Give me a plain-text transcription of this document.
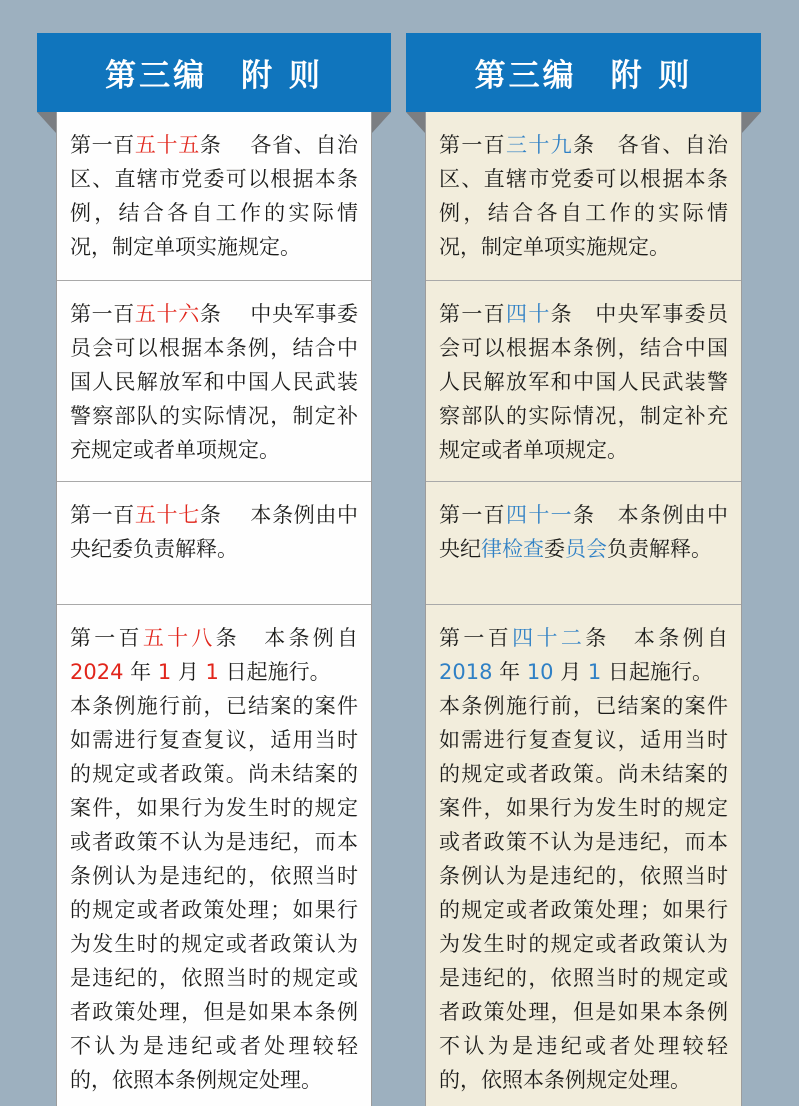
第三编　附 则

第一百五十五条　 各省、自治区、直辖市党委可以根据本条例，结合各自工作的实际情况，制定单项实施规定。

第一百五十六条　 中央军事委员会可以根据本条例，结合中国人民解放军和中国人民武装警察部队的实际情况，制定补充规定或者单项规定。

第一百五十七条　 本条例由中央纪委负责解释。

第一百五十八条　本条例自 2024 年 1 月 1 日起施行。
本条例施行前，已结案的案件如需进行复查复议，适用当时的规定或者政策。尚未结案的案件，如果行为发生时的规定或者政策不认为是违纪，而本条例认为是违纪的，依照当时的规定或者政策处理；如果行为发生时的规定或者政策认为是违纪的，依照当时的规定或者政策处理，但是如果本条例不认为是违纪或者处理较轻的，依照本条例规定处理。

第三编　附 则

第一百三十九条　各省、自治区、直辖市党委可以根据本条例，结合各自工作的实际情况，制定单项实施规定。

第一百四十条　中央军事委员会可以根据本条例，结合中国人民解放军和中国人民武装警察部队的实际情况，制定补充规定或者单项规定。

第一百四十一条　本条例由中央纪律检查委员会负责解释。

第一百四十二条　本条例自 2018 年 10 月 1 日起施行。
本条例施行前，已结案的案件如需进行复查复议，适用当时的规定或者政策。尚未结案的案件，如果行为发生时的规定或者政策不认为是违纪，而本条例认为是违纪的，依照当时的规定或者政策处理；如果行为发生时的规定或者政策认为是违纪的，依照当时的规定或者政策处理，但是如果本条例不认为是违纪或者处理较轻的，依照本条例规定处理。
